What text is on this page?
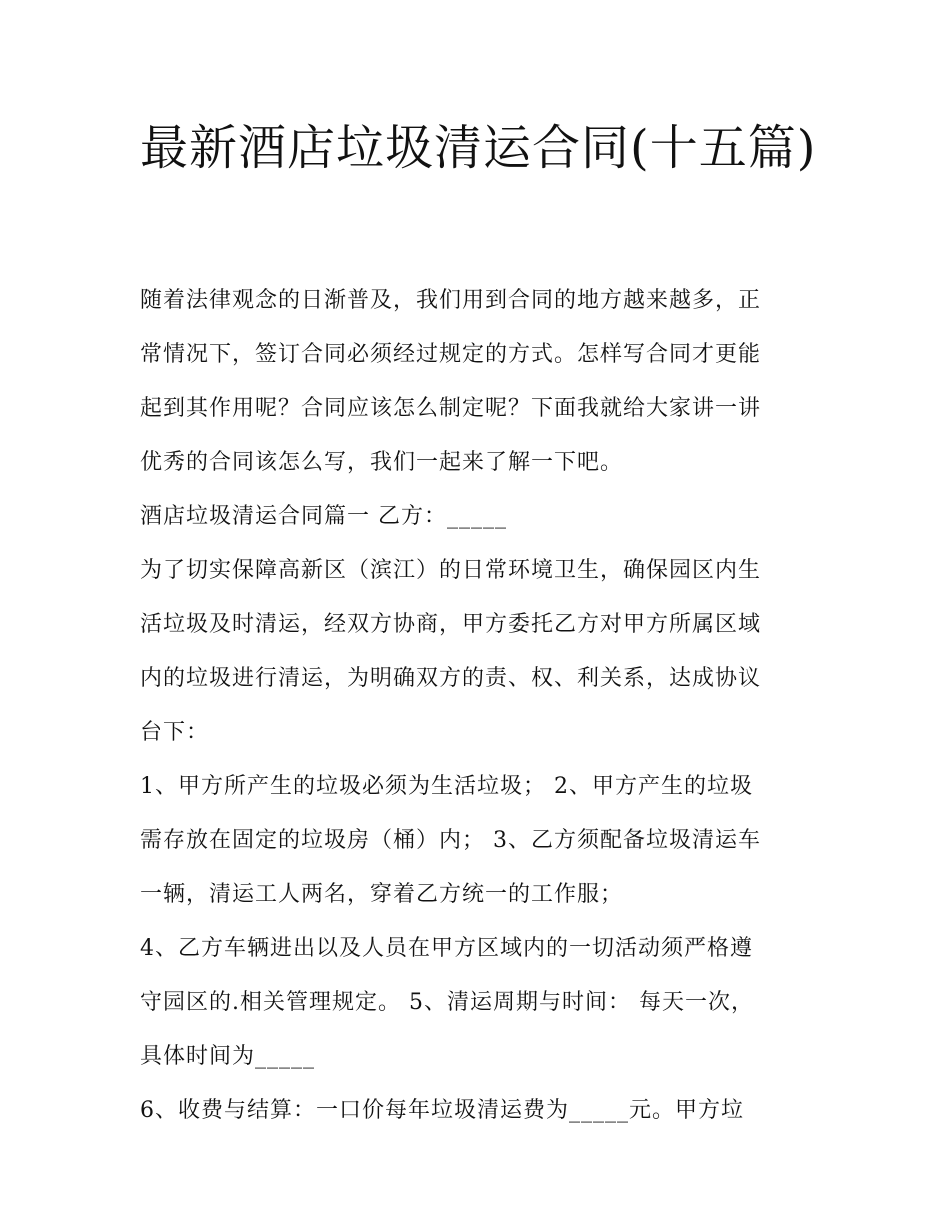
最新酒店垃圾清运合同(十五篇)
随着法律观念的日渐普及，我们用到合同的地方越来越多，正
常情况下，签订合同必须经过规定的方式。怎样写合同才更能
起到其作用呢？合同应该怎么制定呢？下面我就给大家讲一讲
优秀的合同该怎么写，我们一起来了解一下吧。
酒店垃圾清运合同篇一 乙方：_____
为了切实保障高新区（滨江）的日常环境卫生，确保园区内生
活垃圾及时清运，经双方协商，甲方委托乙方对甲方所属区域
内的垃圾进行清运，为明确双方的责、权、利关系，达成协议
台下：
1、甲方所产生的垃圾必须为生活垃圾； 2、甲方产生的垃圾
需存放在固定的垃圾房（桶）内； 3、乙方须配备垃圾清运车
一辆，清运工人两名，穿着乙方统一的工作服；
4、乙方车辆进出以及人员在甲方区域内的一切活动须严格遵
守园区的.相关管理规定。 5、清运周期与时间： 每天一次，
具体时间为_____
6、收费与结算：一口价每年垃圾清运费为_____元。甲方垃
